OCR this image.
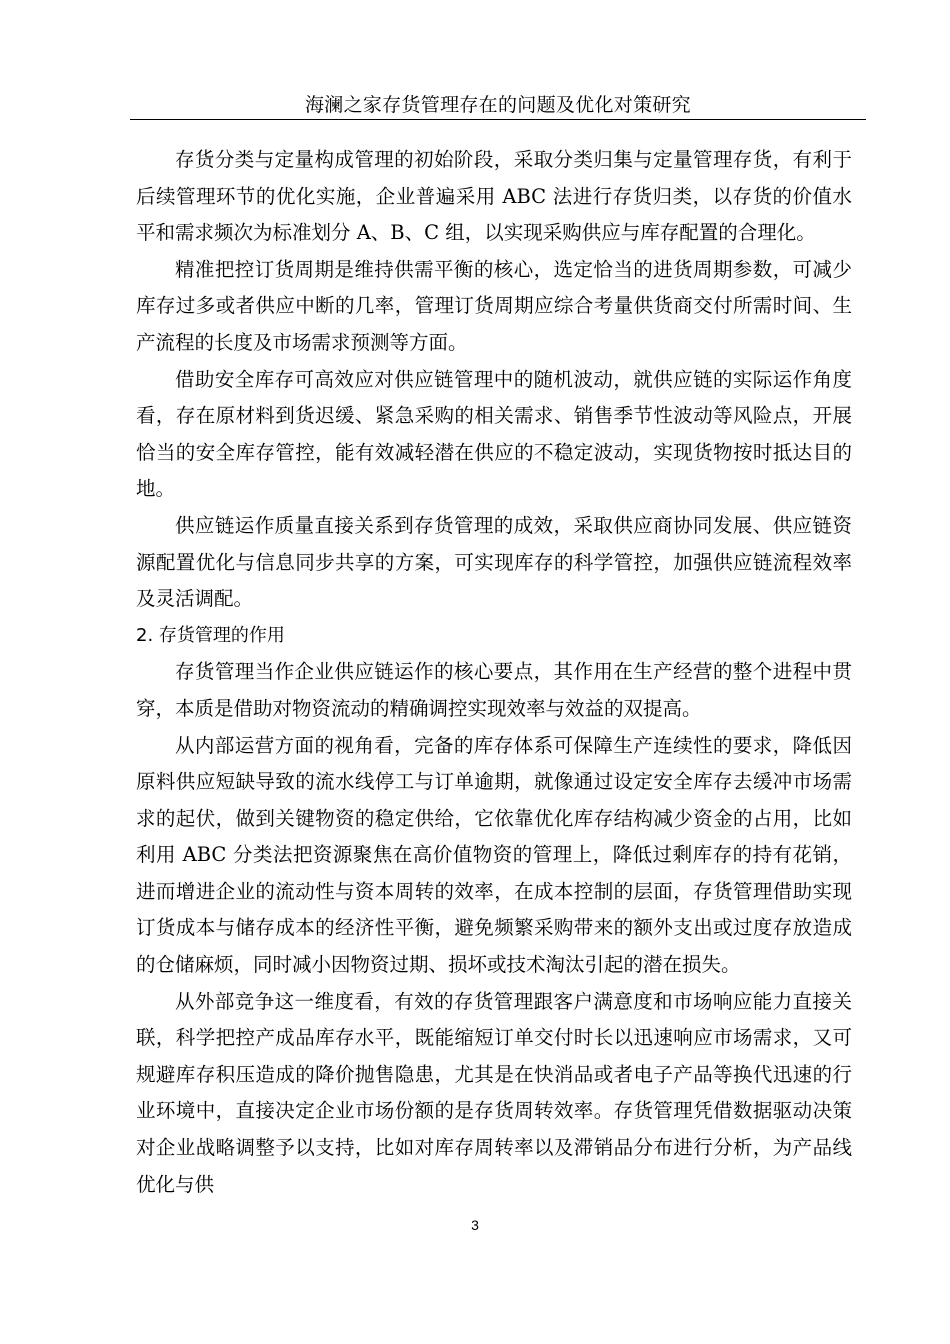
海澜之家存货管理存在的问题及优化对策研究

存货分类与定量构成管理的初始阶段，采取分类归集与定量管理存货，有利于后续管理环节的优化实施，企业普遍采用 ABC 法进行存货归类，以存货的价值水平和需求频次为标准划分 A、B、C 组，以实现采购供应与库存配置的合理化。

精准把控订货周期是维持供需平衡的核心，选定恰当的进货周期参数，可减少库存过多或者供应中断的几率，管理订货周期应综合考量供货商交付所需时间、生产流程的长度及市场需求预测等方面。

借助安全库存可高效应对供应链管理中的随机波动，就供应链的实际运作角度看，存在原材料到货迟缓、紧急采购的相关需求、销售季节性波动等风险点，开展恰当的安全库存管控，能有效减轻潜在供应的不稳定波动，实现货物按时抵达目的地。

供应链运作质量直接关系到存货管理的成效，采取供应商协同发展、供应链资源配置优化与信息同步共享的方案，可实现库存的科学管控，加强供应链流程效率及灵活调配。

2. 存货管理的作用

存货管理当作企业供应链运作的核心要点，其作用在生产经营的整个进程中贯穿，本质是借助对物资流动的精确调控实现效率与效益的双提高。

从内部运营方面的视角看，完备的库存体系可保障生产连续性的要求，降低因原料供应短缺导致的流水线停工与订单逾期，就像通过设定安全库存去缓冲市场需求的起伏，做到关键物资的稳定供给，它依靠优化库存结构减少资金的占用，比如利用 ABC 分类法把资源聚焦在高价值物资的管理上，降低过剩库存的持有花销，进而增进企业的流动性与资本周转的效率，在成本控制的层面，存货管理借助实现订货成本与储存成本的经济性平衡，避免频繁采购带来的额外支出或过度存放造成的仓储麻烦，同时减小因物资过期、损坏或技术淘汰引起的潜在损失。

从外部竞争这一维度看，有效的存货管理跟客户满意度和市场响应能力直接关联，科学把控产成品库存水平，既能缩短订单交付时长以迅速响应市场需求，又可规避库存积压造成的降价抛售隐患，尤其是在快消品或者电子产品等换代迅速的行业环境中，直接决定企业市场份额的是存货周转效率。存货管理凭借数据驱动决策对企业战略调整予以支持，比如对库存周转率以及滞销品分布进行分析，为产品线优化与供

3
